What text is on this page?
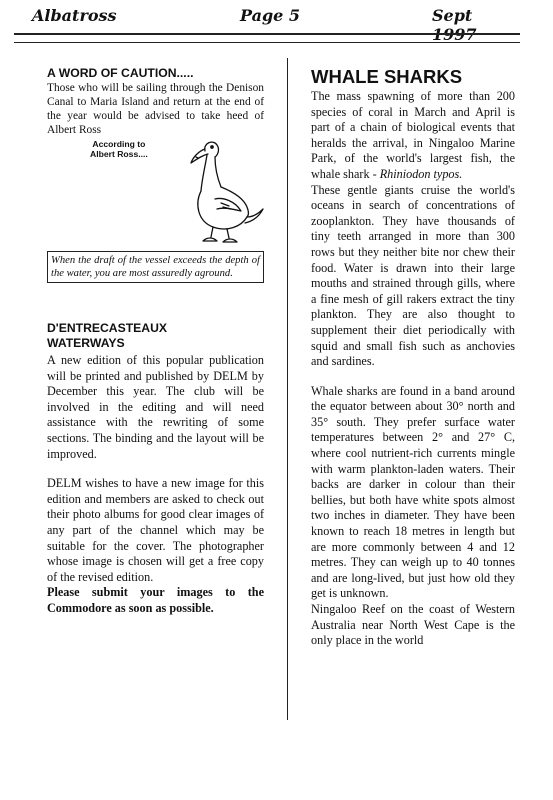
Albatross	Page 5	Sept
A WORD OF CAUTION.....

Those who will be sailing through the Denison Canal to Maria Island and return at the end of the year would be advised to take heed of Albert Ross

According to
Albert Ross....
When the draft of the vessel exceeds the depth of the water, you are most assuredly aground.
D'ENTRECASTEAUX
WATERWAYS

A new edition of this popular publication will be printed and published by DELM by December this year. The club will be involved in the editing and will need assistance with the rewriting of some sections. The binding and the layout will be improved.

DELM wishes to have a new image for this edition and members are asked to check out their photo albums for good clear images of any part of the channel which may be suitable for the cover. The photographer whose image is chosen will get a free copy of the revised edition.

Please submit your images to the Commodore as soon as possible.

WHALE SHARKS

The mass spawning of more than 200 species of coral in March and April is part of a chain of biological events that heralds the arrival, in Ningaloo Marine Park, of the world's largest fish, the whale shark - Rhiniodon typos.

These gentle giants cruise the world's oceans in search of concentrations of zooplankton. They have thousands of tiny teeth arranged in more than 300 rows but they neither bite nor chew their food. Water is drawn into their large mouths and strained through gills, where a fine mesh of gill rakers extract the tiny plankton. They are also thought to supplement their diet periodically with squid and small fish such as anchovies and sardines.

Whale sharks are found in a band around the equator between about 30° north and 35° south. They prefer surface water temperatures between 2° and 27° C, where cool nutrient-rich currents mingle with warm plankton-laden waters. Their backs are darker in colour than their bellies, but both have white spots almost two inches in diameter. They have been known to reach 18 metres in length but are more commonly between 4 and 12 metres. They can weigh up to 40 tonnes and are long-lived, but just how old they get is unknown.

Ningaloo Reef on the coast of Western Australia near North West Cape is the only place in the world
